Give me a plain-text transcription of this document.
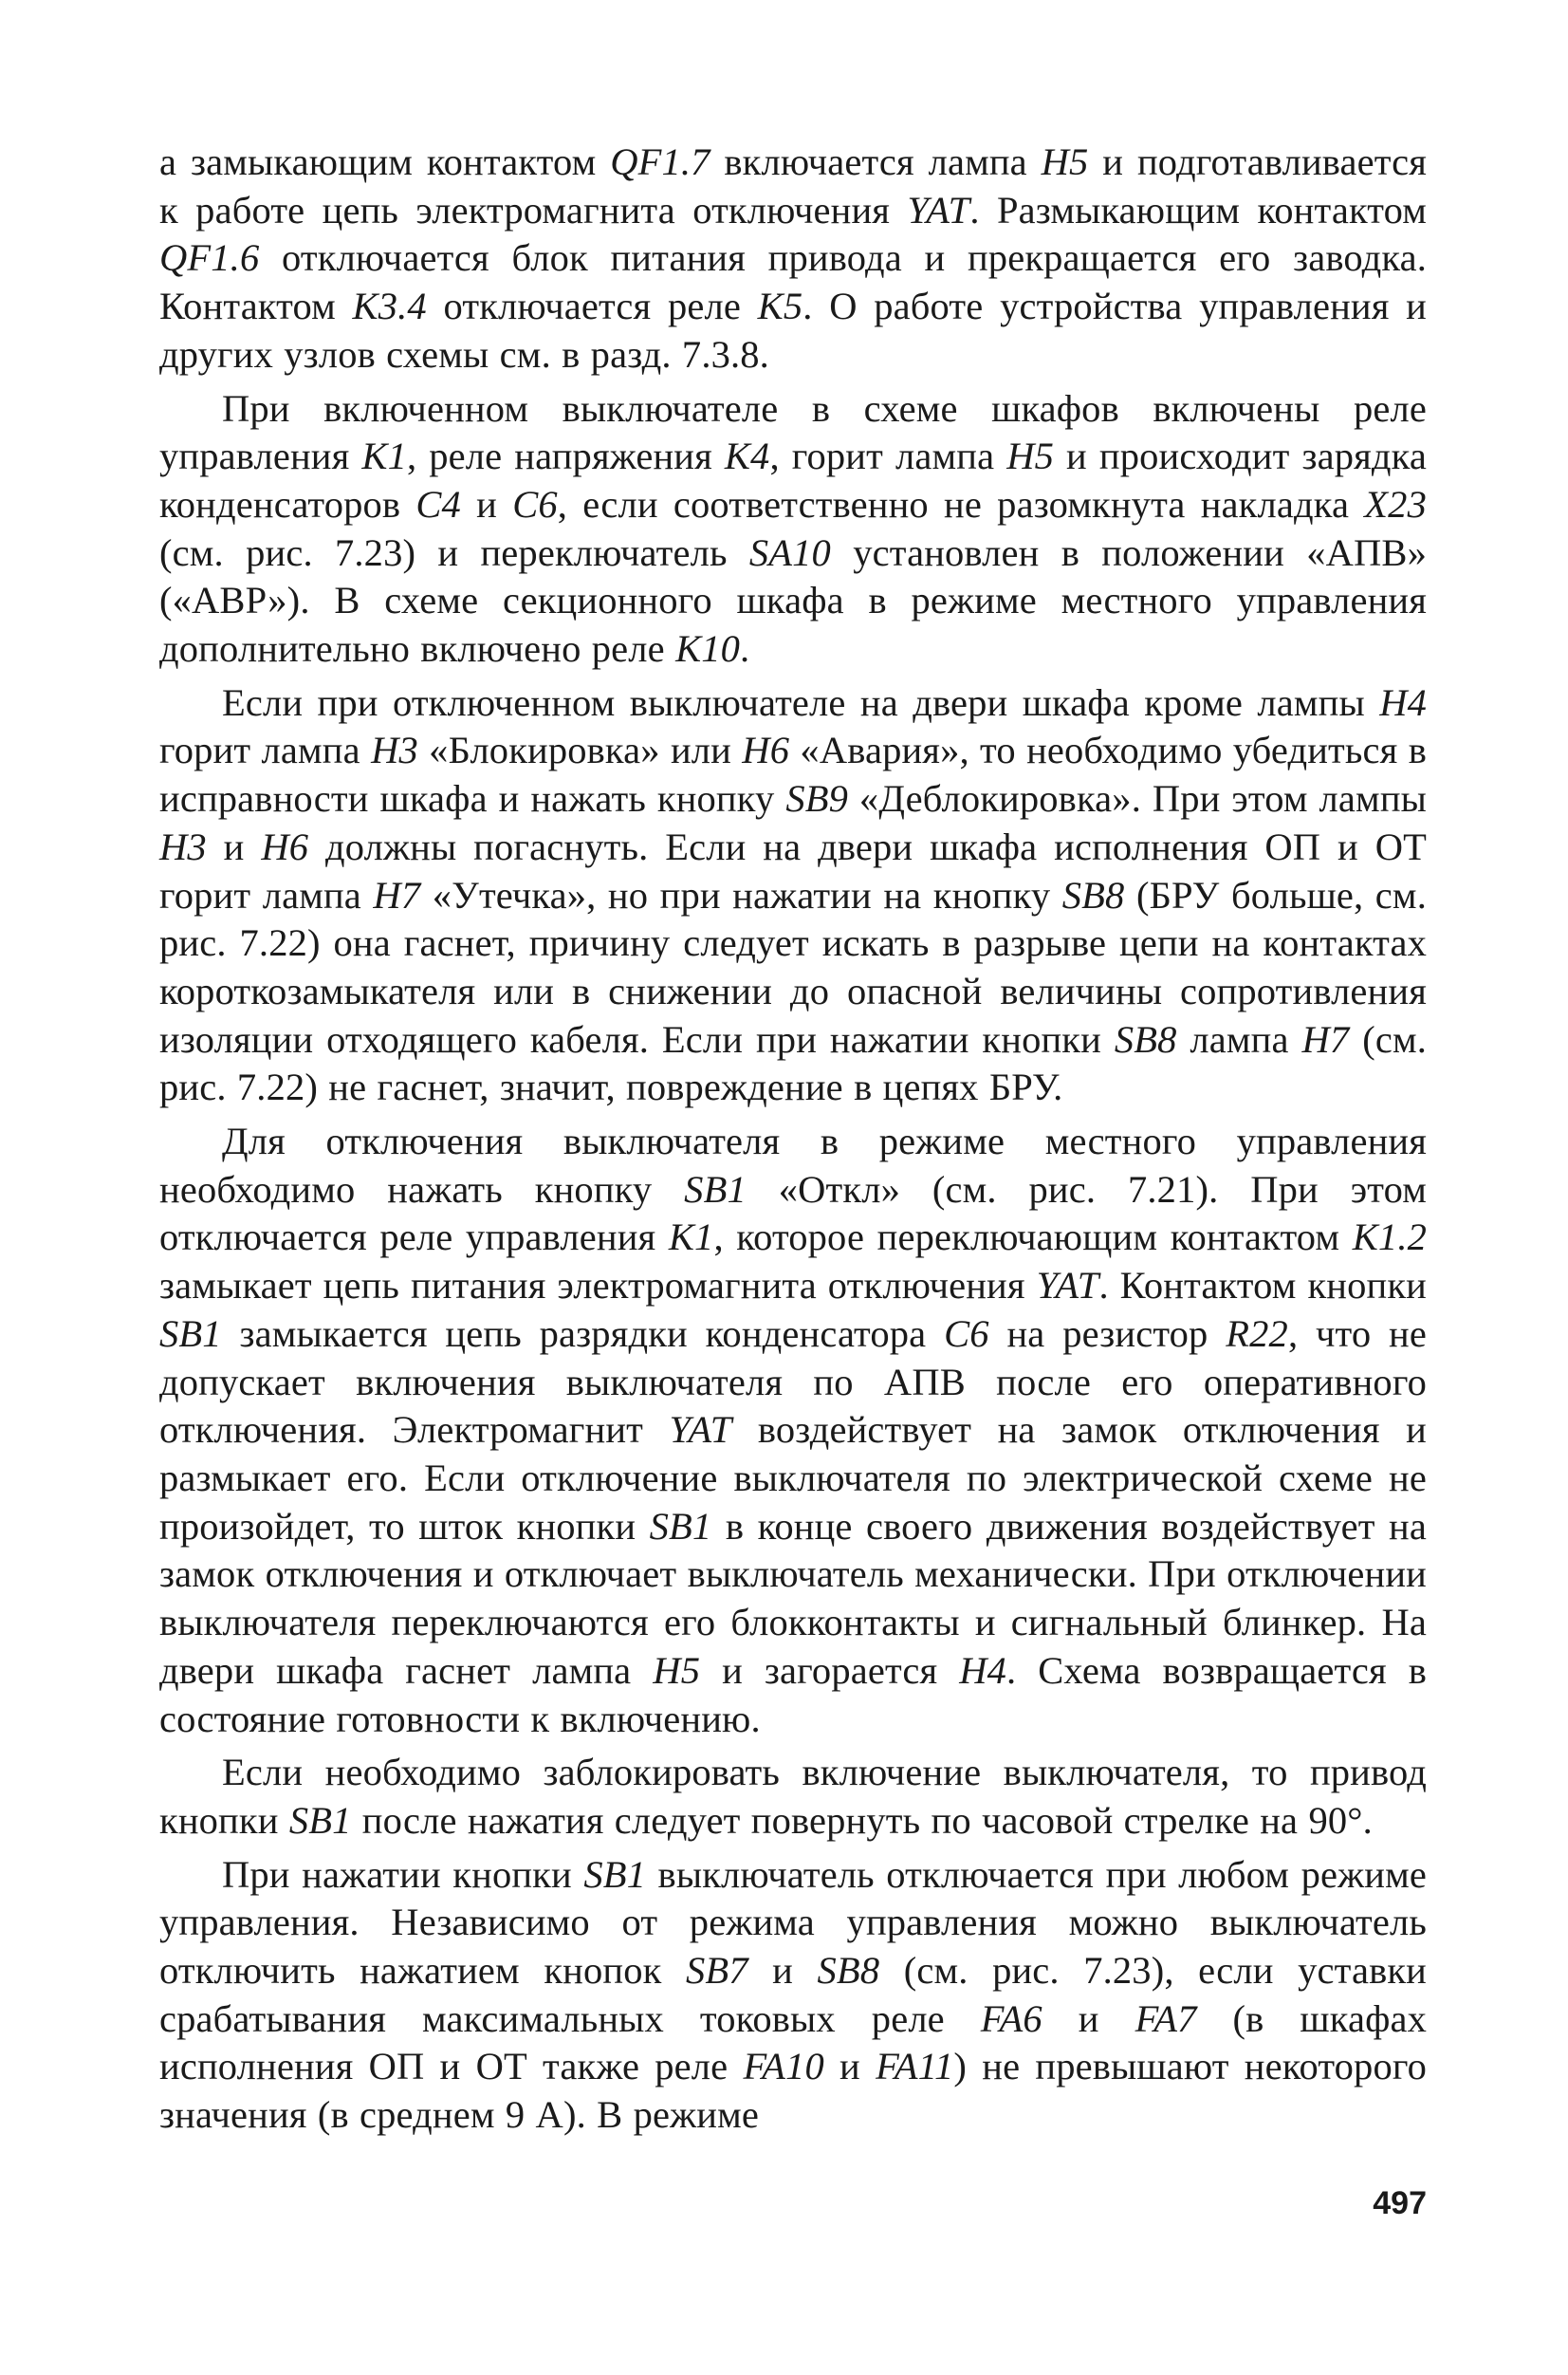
а замыкающим контактом QF1.7 включается лампа H5 и подготавливается к работе цепь электромагнита отключения YAT. Размыкающим контактом QF1.6 отключается блок питания привода и прекращается его заводка. Контактом K3.4 отключается реле K5. О работе устройства управления и других узлов схемы см. в разд. 7.3.8.

При включенном выключателе в схеме шкафов включены реле управления K1, реле напряжения K4, горит лампа H5 и происходит зарядка конденсаторов C4 и C6, если соответственно не разомкнута накладка X23 (см. рис. 7.23) и переключатель SA10 установлен в положении «АПВ» («АВР»). В схеме секционного шкафа в режиме местного управления дополнительно включено реле K10.

Если при отключенном выключателе на двери шкафа кроме лампы H4 горит лампа H3 «Блокировка» или H6 «Авария», то необходимо убедиться в исправности шкафа и нажать кнопку SB9 «Деблокировка». При этом лампы H3 и H6 должны погаснуть. Если на двери шкафа исполнения ОП и ОТ горит лампа H7 «Утечка», но при нажатии на кнопку SB8 (БРУ больше, см. рис. 7.22) она гаснет, причину следует искать в разрыве цепи на контактах короткозамыкателя или в снижении до опасной величины сопротивления изоляции отходящего кабеля. Если при нажатии кнопки SB8 лампа H7 (см. рис. 7.22) не гаснет, значит, повреждение в цепях БРУ.

Для отключения выключателя в режиме местного управления необходимо нажать кнопку SB1 «Откл» (см. рис. 7.21). При этом отключается реле управления K1, которое переключающим контактом K1.2 замыкает цепь питания электромагнита отключения YAT. Контактом кнопки SB1 замыкается цепь разрядки конденсатора C6 на резистор R22, что не допускает включения выключателя по АПВ после его оперативного отключения. Электромагнит YAT воздействует на замок отключения и размыкает его. Если отключение выключателя по электрической схеме не произойдет, то шток кнопки SB1 в конце своего движения воздействует на замок отключения и отключает выключатель механически. При отключении выключателя переключаются его блокконтакты и сигнальный блинкер. На двери шкафа гаснет лампа H5 и загорается H4. Схема возвращается в состояние готовности к включению.

Если необходимо заблокировать включение выключателя, то привод кнопки SB1 после нажатия следует повернуть по часовой стрелке на 90°.

При нажатии кнопки SB1 выключатель отключается при любом режиме управления. Независимо от режима управления можно выключатель отключить нажатием кнопок SB7 и SB8 (см. рис. 7.23), если уставки срабатывания максимальных токовых реле FA6 и FA7 (в шкафах исполнения ОП и ОТ также реле FA10 и FA11) не превышают некоторого значения (в среднем 9 А). В режиме

497
